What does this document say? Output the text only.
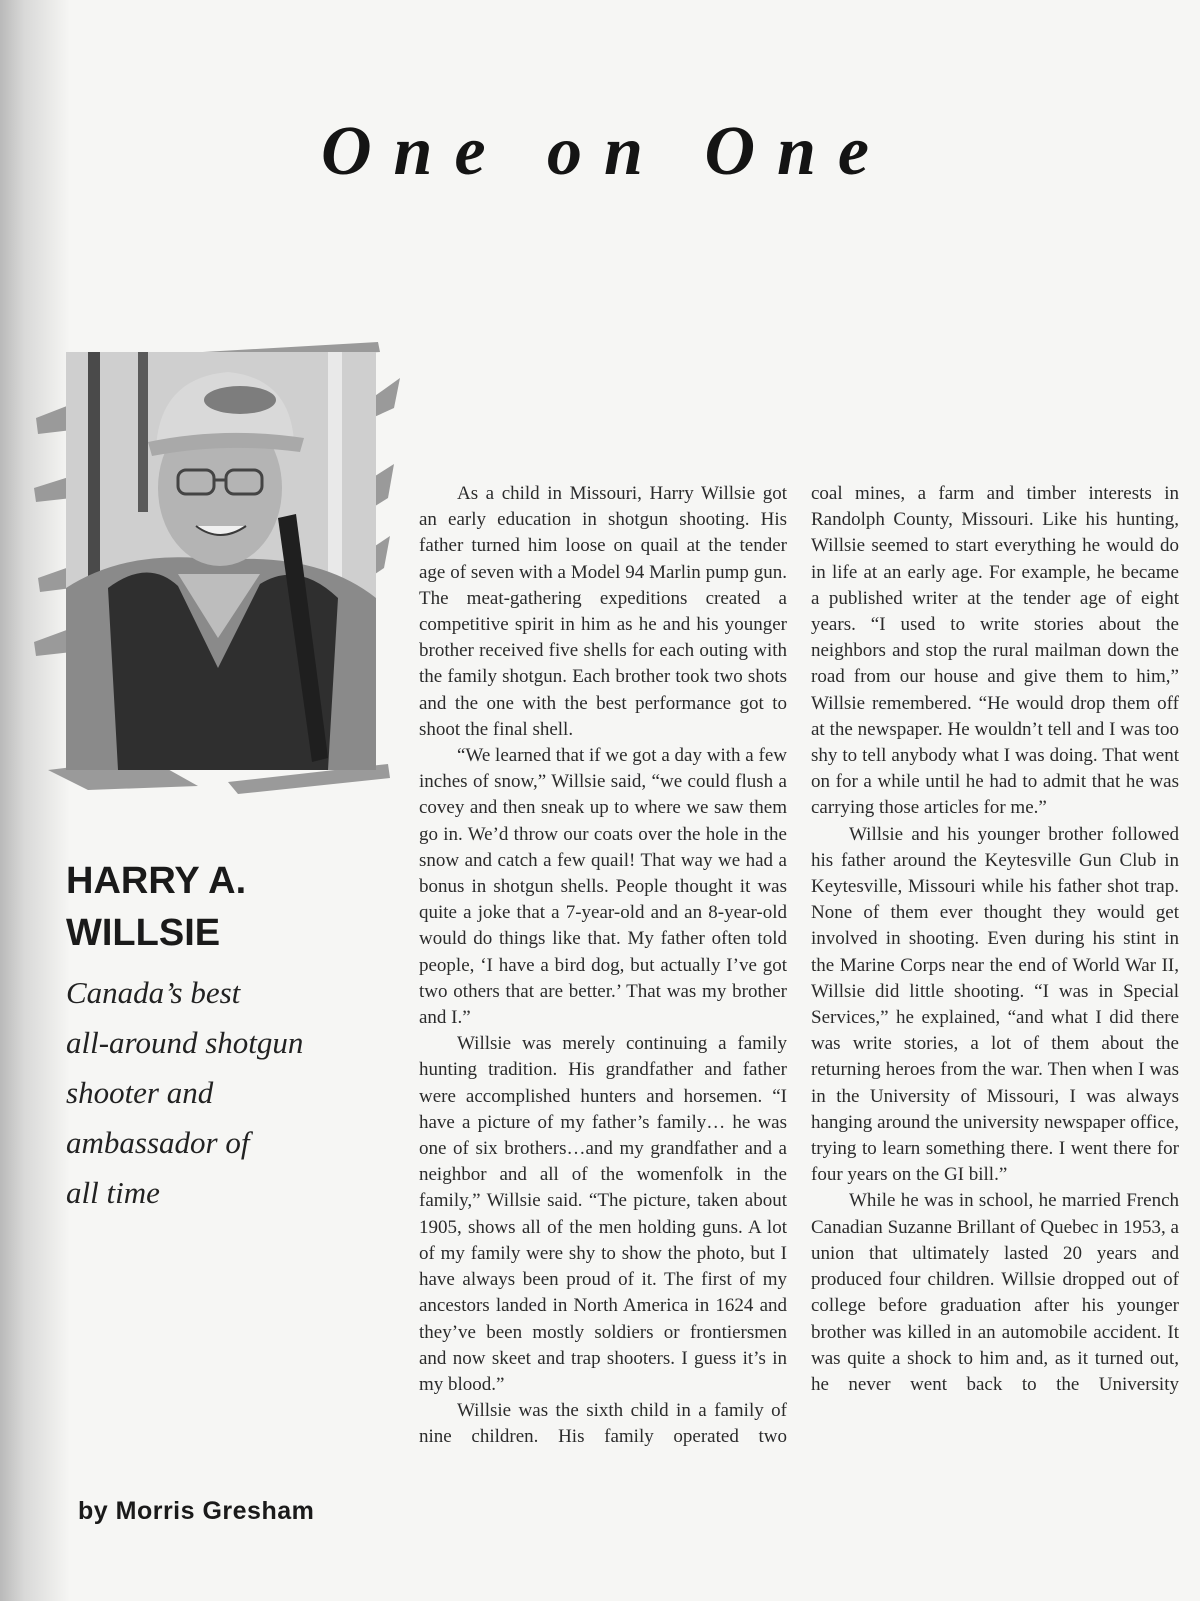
One on One
HARRY A.
WILLSIE
Canada’s best
all-around shotgun
shooter and
ambassador of
all time
by Morris Gresham

As a child in Missouri, Harry Willsie got an early education in shotgun shooting. His father turned him loose on quail at the tender age of seven with a Model 94 Marlin pump gun. The meat-gathering expeditions created a competitive spirit in him as he and his younger brother received five shells for each outing with the family shotgun. Each brother took two shots and the one with the best performance got to shoot the final shell.

“We learned that if we got a day with a few inches of snow,” Willsie said, “we could flush a covey and then sneak up to where we saw them go in. We’d throw our coats over the hole in the snow and catch a few quail! That way we had a bonus in shotgun shells. People thought it was quite a joke that a 7-year-old and an 8-year-old would do things like that. My father often told people, ‘I have a bird dog, but actually I’ve got two others that are better.’ That was my brother and I.”

Willsie was merely continuing a family hunting tradition. His grandfather and father were accomplished hunters and horsemen. “I have a picture of my father’s family… he was one of six brothers…and my grandfather and a neighbor and all of the womenfolk in the family,” Willsie said. “The picture, taken about 1905, shows all of the men holding guns. A lot of my family were shy to show the photo, but I have always been proud of it. The first of my ancestors landed in North America in 1624 and they’ve been mostly soldiers or frontiersmen and now skeet and trap shooters. I guess it’s in my blood.”

Willsie was the sixth child in a family of nine children. His family operated two

coal mines, a farm and timber interests in Randolph County, Missouri. Like his hunting, Willsie seemed to start everything he would do in life at an early age. For example, he became a published writer at the tender age of eight years. “I used to write stories about the neighbors and stop the rural mailman down the road from our house and give them to him,” Willsie remembered. “He would drop them off at the newspaper. He wouldn’t tell and I was too shy to tell anybody what I was doing. That went on for a while until he had to admit that he was carrying those articles for me.”

Willsie and his younger brother followed his father around the Keytesville Gun Club in Keytesville, Missouri while his father shot trap. None of them ever thought they would get involved in shooting. Even during his stint in the Marine Corps near the end of World War II, Willsie did little shooting. “I was in Special Services,” he explained, “and what I did there was write stories, a lot of them about the returning heroes from the war. Then when I was in the University of Missouri, I was always hanging around the university newspaper office, trying to learn something there. I went there for four years on the GI bill.”

While he was in school, he married French Canadian Suzanne Brillant of Quebec in 1953, a union that ultimately lasted 20 years and produced four children. Willsie dropped out of college before graduation after his younger brother was killed in an automobile accident. It was quite a shock to him and, as it turned out, he never went back to the University
